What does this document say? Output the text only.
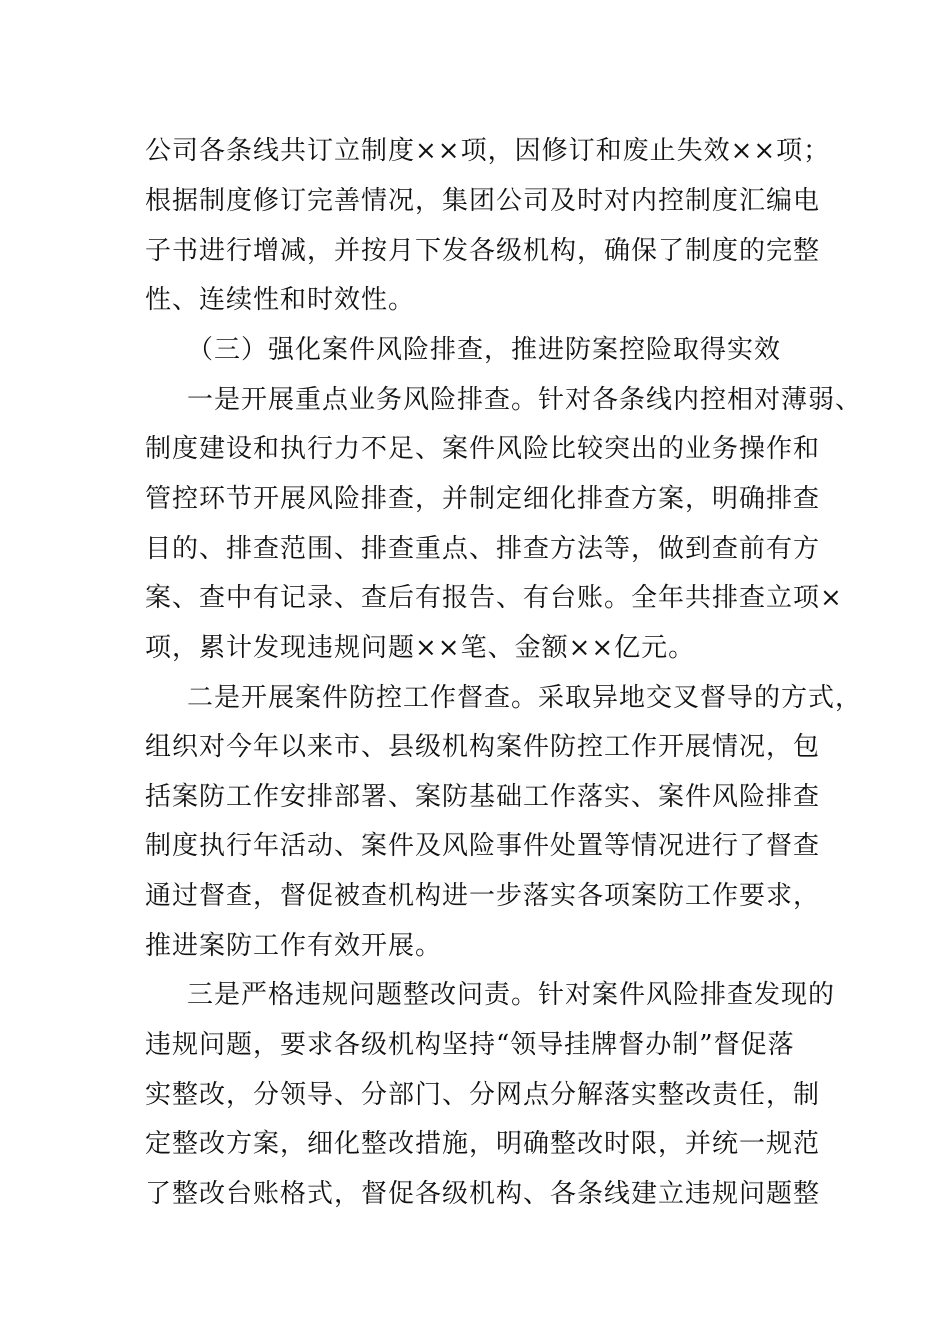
公司各条线共订立制度××项，因修订和废止失效××项；
根据制度修订完善情况，集团公司及时对内控制度汇编电
子书进行增减，并按月下发各级机构，确保了制度的完整
性、连续性和时效性。
（三）强化案件风险排查，推进防案控险取得实效
一是开展重点业务风险排查。针对各条线内控相对薄弱、
制度建设和执行力不足、案件风险比较突出的业务操作和
管控环节开展风险排查，并制定细化排查方案，明确排查
目的、排查范围、排查重点、排查方法等，做到查前有方
案、查中有记录、查后有报告、有台账。全年共排查立项×
项，累计发现违规问题××笔、金额××亿元。
二是开展案件防控工作督查。采取异地交叉督导的方式，
组织对今年以来市、县级机构案件防控工作开展情况，包
括案防工作安排部署、案防基础工作落实、案件风险排查
制度执行年活动、案件及风险事件处置等情况进行了督查
通过督查，督促被查机构进一步落实各项案防工作要求，
推进案防工作有效开展。
三是严格违规问题整改问责。针对案件风险排查发现的
违规问题，要求各级机构坚持“领导挂牌督办制”督促落
实整改，分领导、分部门、分网点分解落实整改责任，制
定整改方案，细化整改措施，明确整改时限，并统一规范
了整改台账格式，督促各级机构、各条线建立违规问题整
